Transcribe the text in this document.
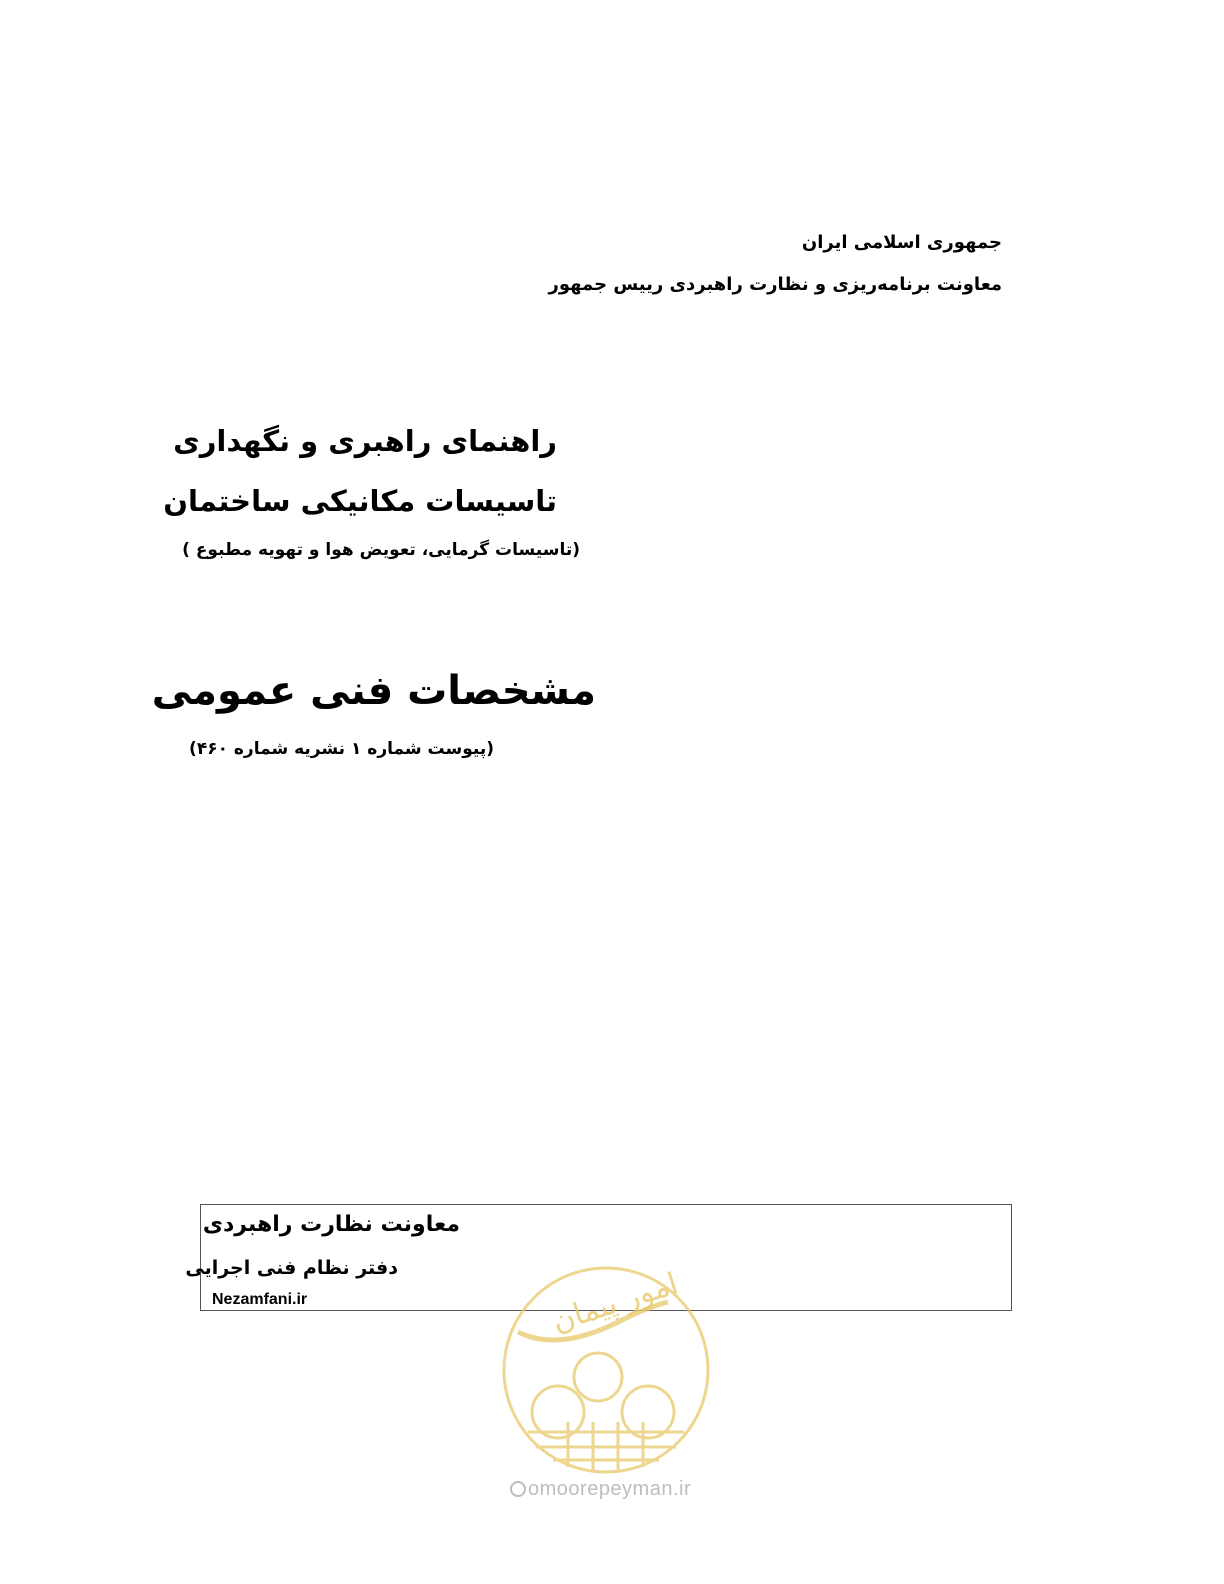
جمهوری اسلامی ایران
معاونت برنامه‌ریزی و نظارت راهبردی رییس جمهور
راهنمای راهبری و نگهداری
تاسیسات مکانیکی ساختمان
(تاسیسات گرمایی، تعویض هوا و تهویه مطبوع )
مشخصات فنی عمومی
(پیوست شماره ۱ نشریه شماره ۴۶۰)
معاونت نظارت راهبردی
دفتر نظام فنی اجرایی
Nezamfani.ir	امور پیمان
omoorepeyman.ir
